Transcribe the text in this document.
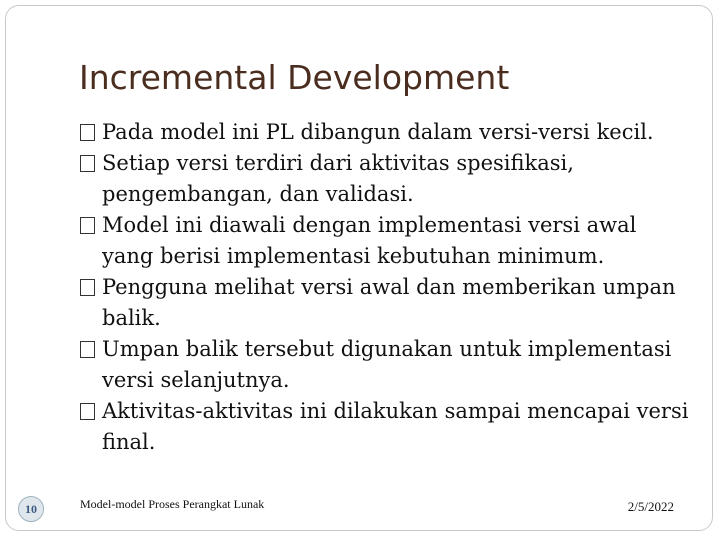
Incremental Development
Pada model ini PL dibangun dalam versi-versi kecil.
Setiap versi terdiri dari aktivitas spesifikasi, pengembangan, dan validasi.
Model ini diawali dengan implementasi versi awal yang berisi implementasi kebutuhan minimum.
Pengguna melihat versi awal dan memberikan umpan balik.
Umpan balik tersebut digunakan untuk implementasi versi selanjutnya.
Aktivitas-aktivitas ini dilakukan sampai mencapai versi final.
10	Model-model Proses Perangkat Lunak	2/5/2022
